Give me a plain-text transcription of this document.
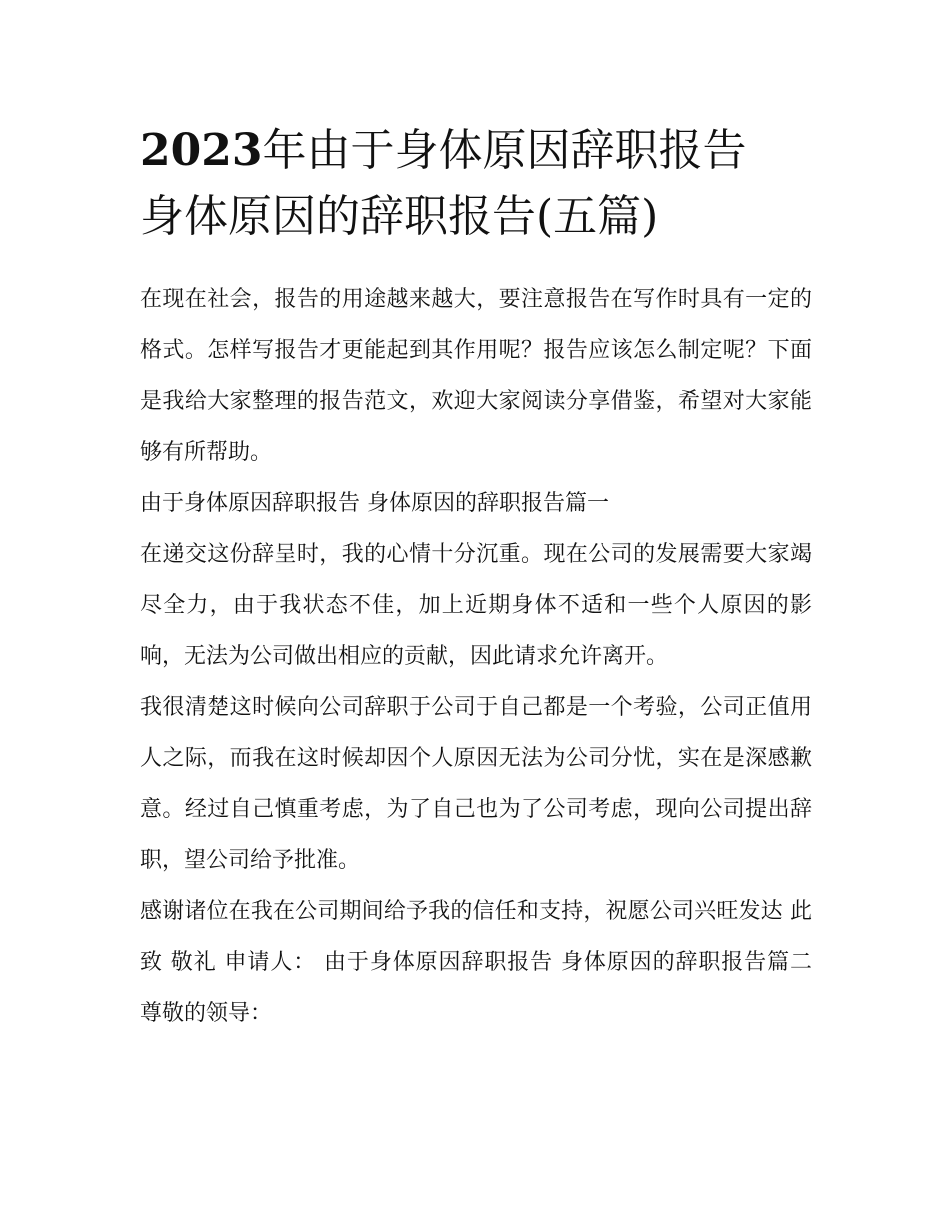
2023年由于身体原因辞职报告
身体原因的辞职报告(五篇)

在现在社会，报告的用途越来越大，要注意报告在写作时具有一定的格式。怎样写报告才更能起到其作用呢？报告应该怎么制定呢？下面是我给大家整理的报告范文，欢迎大家阅读分享借鉴，希望对大家能够有所帮助。

由于身体原因辞职报告 身体原因的辞职报告篇一

在递交这份辞呈时，我的心情十分沉重。现在公司的发展需要大家竭尽全力，由于我状态不佳，加上近期身体不适和一些个人原因的影响，无法为公司做出相应的贡献，因此请求允许离开。

我很清楚这时候向公司辞职于公司于自己都是一个考验，公司正值用人之际，而我在这时候却因个人原因无法为公司分忧，实在是深感歉意。经过自己慎重考虑，为了自己也为了公司考虑，现向公司提出辞职，望公司给予批准。

感谢诸位在我在公司期间给予我的信任和支持，祝愿公司兴旺发达 此致 敬礼 申请人： 由于身体原因辞职报告 身体原因的辞职报告篇二 尊敬的领导：
